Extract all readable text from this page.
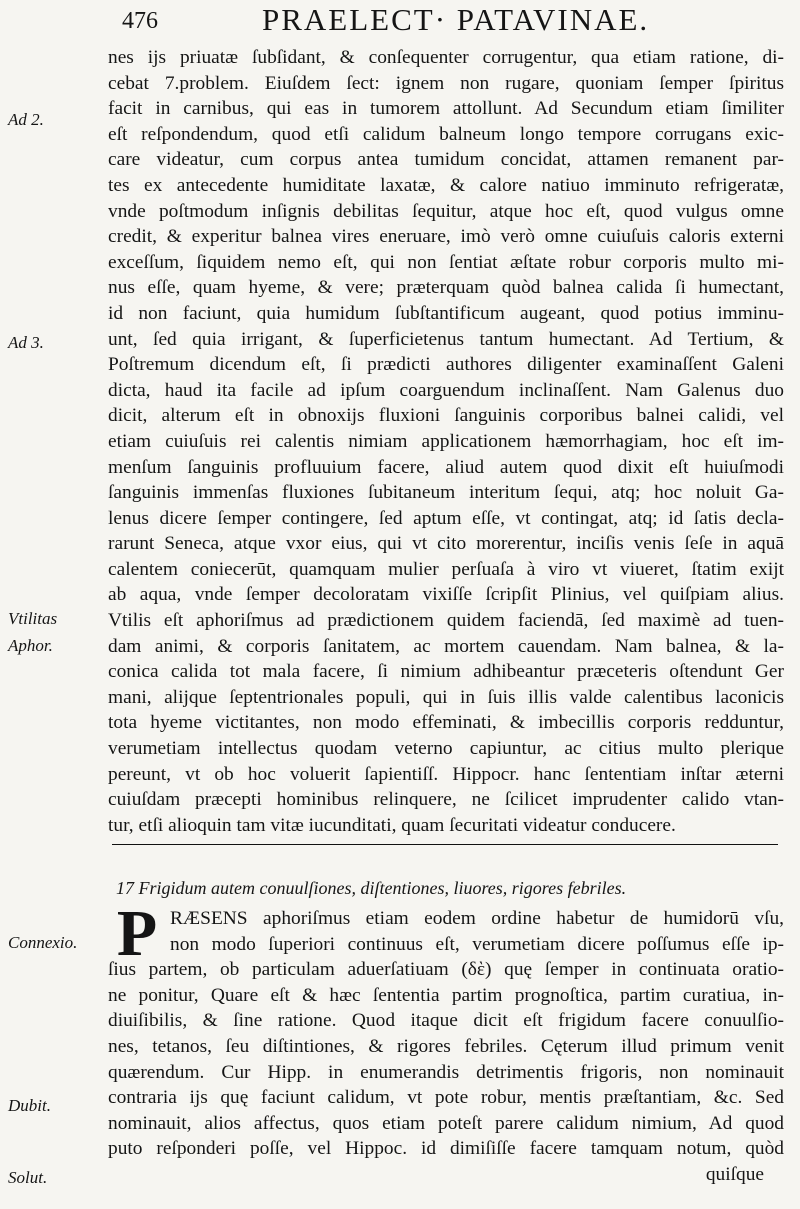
476	PRAELECT· PATAVINAE.
Ad 2.
Ad 3.
Vtilitas
Aphor.
Connexio.
Dubit.
Solut.
nes ijs priuatæ ſubſidant, & conſequenter corrugentur, qua etiam ratione, di-
cebat 7.problem. Eiuſdem ſect: ignem non rugare, quoniam ſemper ſpiritus
facit in carnibus, qui eas in tumorem attollunt. Ad Secundum etiam ſimiliter
eſt reſpondendum, quod etſi calidum balneum longo tempore corrugans exic-
care videatur, cum corpus antea tumidum concidat, attamen remanent par-
tes ex antecedente humiditate laxatæ, & calore natiuo imminuto refrigeratæ,
vnde poſtmodum inſignis debilitas ſequitur, atque hoc eſt, quod vulgus omne
credit, & experitur balnea vires eneruare, imò verò omne cuiuſuis caloris externi
exceſſum, ſiquidem nemo eſt, qui non ſentiat æſtate robur corporis multo mi-
nus eſſe, quam hyeme, & vere; præterquam quòd balnea calida ſi humectant,
id non faciunt, quia humidum ſubſtantificum augeant, quod potius imminu-
unt, ſed quia irrigant, & ſuperficietenus tantum humectant. Ad Tertium, &
Poſtremum dicendum eſt, ſi prædicti authores diligenter examinaſſent Galeni
dicta, haud ita facile ad ipſum coarguendum inclinaſſent. Nam Galenus duo
dicit, alterum eſt in obnoxijs fluxioni ſanguinis corporibus balnei calidi, vel
etiam cuiuſuis rei calentis nimiam applicationem hæmorrhagiam, hoc eſt im-
menſum ſanguinis profluuium facere, aliud autem quod dixit eſt huiuſmodi
ſanguinis immenſas fluxiones ſubitaneum interitum ſequi, atq; hoc noluit Ga-
lenus dicere ſemper contingere, ſed aptum eſſe, vt contingat, atq; id ſatis decla-
rarunt Seneca, atque vxor eius, qui vt cito morerentur, inciſis venis ſeſe in aquā
calentem coniecerūt, quamquam mulier perſuaſa à viro vt viueret, ſtatim exijt
ab aqua, vnde ſemper decoloratam vixiſſe ſcripſit Plinius, vel quiſpiam alius.
Vtilis eſt aphoriſmus ad prædictionem quidem faciendā, ſed maximè ad tuen-
dam animi, & corporis ſanitatem, ac mortem cauendam. Nam balnea, & la-
conica calida tot mala facere, ſi nimium adhibeantur præceteris oſtendunt Ger
mani, alijque ſeptentrionales populi, qui in ſuis illis valde calentibus laconicis
tota hyeme victitantes, non modo effeminati, & imbecillis corporis redduntur,
verumetiam intellectus quodam veterno capiuntur, ac citius multo plerique
pereunt, vt ob hoc voluerit ſapientiſſ. Hippocr. hanc ſententiam inſtar æterni
cuiuſdam præcepti hominibus relinquere, ne ſcilicet imprudenter calido vtan-
tur, etſi alioquin tam vitæ iucunditati, quam ſecuritati videatur conducere.
17 Frigidum autem conuulſiones, diſtentiones, liuores, rigores febriles.
P RÆSENS aphoriſmus etiam eodem ordine habetur de humidorū vſu,
non modo ſuperiori continuus eſt, verumetiam dicere poſſumus eſſe ip-
ſius partem, ob particulam aduerſatiuam (δὲ) quę ſemper in continuata oratio-
ne ponitur, Quare eſt & hæc ſententia partim prognoſtica, partim curatiua, in-
diuiſibilis, & ſine ratione. Quod itaque dicit eſt frigidum facere conuulſio-
nes, tetanos, ſeu diſtintiones, & rigores febriles. Cęterum illud primum venit
quærendum. Cur Hipp. in enumerandis detrimentis frigoris, non nominauit
contraria ijs quę faciunt calidum, vt pote robur, mentis præſtantiam, &c. Sed
nominauit, alios affectus, quos etiam poteſt parere calidum nimium, Ad quod
puto reſponderi poſſe, vel Hippoc. id dimiſiſſe facere tamquam notum, quòd
quiſque
